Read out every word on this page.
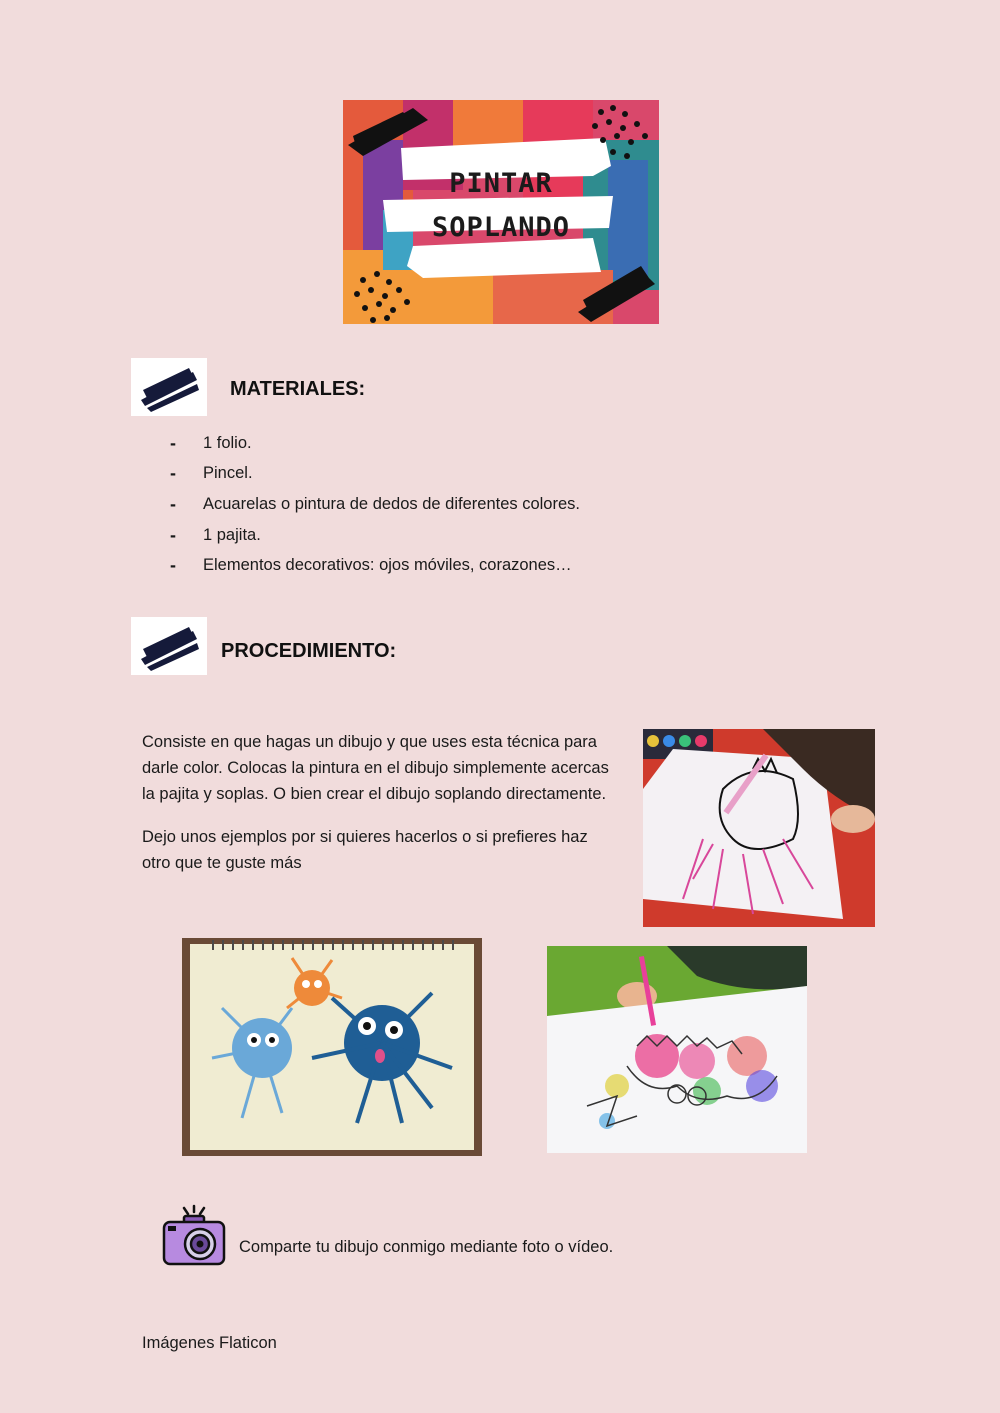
PINTAR
SOPLANDO
MATERIALES:
-	1 folio.
-	Pincel.
-	Acuarelas o pintura de dedos de diferentes colores.
-	1 pajita.
-	Elementos decorativos: ojos móviles, corazones…
PROCEDIMIENTO:
Consiste en que hagas un dibujo y que uses esta técnica para
darle color. Colocas la pintura en el dibujo simplemente acercas
la pajita y soplas. O bien crear el dibujo soplando directamente.
Dejo unos ejemplos por si quieres hacerlos o si prefieres haz
otro que te guste más
Comparte tu dibujo conmigo mediante foto o vídeo.
Imágenes Flaticon
